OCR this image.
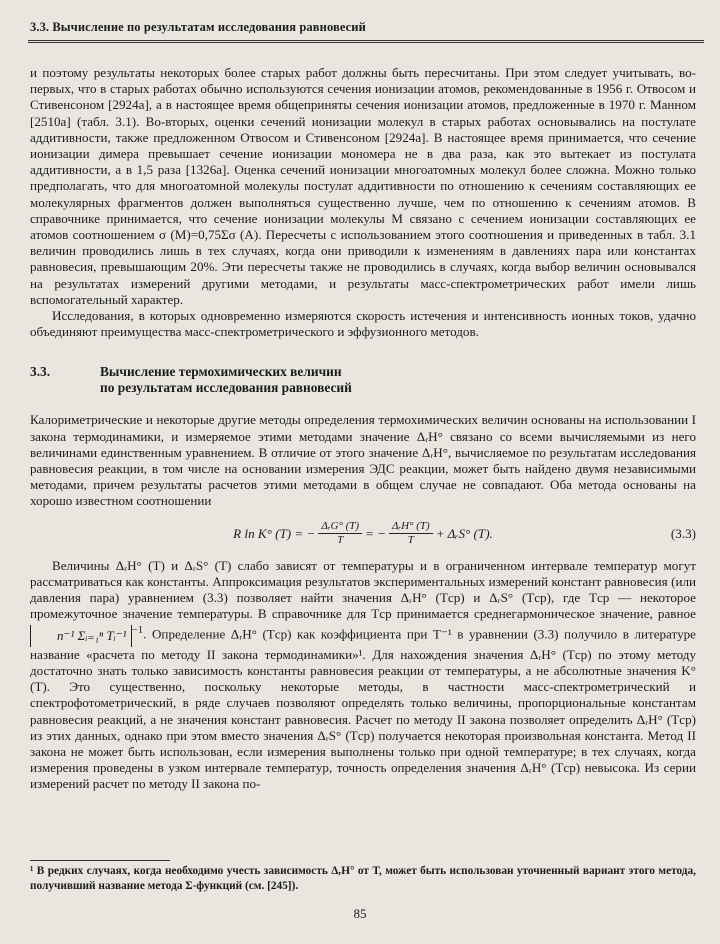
3.3. Вычисление по результатам исследования равновесий

и поэтому результаты некоторых более старых работ должны быть пересчитаны. При этом следует учитывать, во-первых, что в старых работах обычно используются сечения ионизации атомов, рекомендованные в 1956 г. Отвосом и Стивенсоном [2924а], а в настоящее время общеприняты сечения ионизации атомов, предложенные в 1970 г. Манном [2510а] (табл. 3.1). Во-вторых, оценки сечений ионизации молекул в старых работах основывались на постулате аддитивности, также предложенном Отвосом и Стивенсоном [2924а]. В настоящее время принимается, что сечение ионизации димера превышает сечение ионизации мономера не в два раза, как это вытекает из постулата аддитивности, а в 1,5 раза [1326а]. Оценка сечений ионизации многоатомных молекул более сложна. Можно только предполагать, что для многоатомной молекулы постулат аддитивности по отношению к сечениям составляющих ее молекулярных фрагментов должен выполняться существенно лучше, чем по отношению к сечениям атомов. В справочнике принимается, что сечение ионизации молекулы М связано с сечением ионизации составляющих ее атомов соотношением σ (М)=0,75Σσ (А). Пересчеты с использованием этого соотношения и приведенных в табл. 3.1 величин проводились лишь в тех случаях, когда они приводили к изменениям в давлениях пара или константах равновесия, превышающим 20%. Эти пересчеты также не проводились в случаях, когда выбор величин основывался на результатах измерений другими методами, и результаты масс-спектрометрических работ имели лишь вспомогательный характер.

Исследования, в которых одновременно измеряются скорость истечения и интенсивность ионных токов, удачно объединяют преимущества масс-спектрометрического и эффузионного методов.

3.3.	Вычисление термохимических величин
по результатам исследования равновесий

Калориметрические и некоторые другие методы определения термохимических величин основаны на использовании I закона термодинамики, и измеряемое этими методами значение ΔᵣH° связано со всеми вычисляемыми из него величинами единственным уравнением. В отличие от этого значение ΔᵣH°, вычисляемое по результатам исследования равновесия реакции, в том числе на основании измерения ЭДС реакции, может быть найдено двумя независимыми методами, причем результаты расчетов этими методами в общем случае не совпадают. Оба метода основаны на хорошо известном соотношении

R ln K° (T) = − $\frac{\text{ΔᵣG° (T)}}{T}$ = − $\frac{\text{ΔᵣH° (T)}}{T}$ + ΔᵣS° (T).	(3.3)

Величины ΔᵣH° (T) и ΔᵣS° (T) слабо зависят от температуры и в ограниченном интервале температур могут рассматриваться как константы. Аппроксимация результатов экспериментальных измерений констант равновесия (или давления пара) уравнением (3.3) позволяет найти значения ΔᵣH° (Tср) и ΔᵣS° (Tср), где Tср — некоторое промежуточное значение температуры. В справочнике для Tср принимается среднегармоническое значение, равное n⁻¹ Σᵢ₌₁ⁿ Tᵢ⁻¹ $^{-1}$. Определение ΔᵣH° (Tср) как коэффициента при T⁻¹ в уравнении (3.3) получило в литературе название «расчета по методу II закона термодинамики»¹. Для нахождения значения ΔᵣH° (Tср) по этому методу достаточно знать только зависимость константы равновесия реакции от температуры, а не абсолютные значения K° (T). Это существенно, поскольку некоторые методы, в частности масс-спектрометрический и спектрофотометрический, в ряде случаев позволяют определять только величины, пропорциональные константам равновесия реакций, а не значения констант равновесия. Расчет по методу II закона позволяет определить ΔᵣH° (Tср) из этих данных, однако при этом вместо значения ΔᵣS° (Tср) получается некоторая произвольная константа. Метод II закона не может быть использован, если измерения выполнены только при одной температуре; в тех случаях, когда измерения проведены в узком интервале температур, точность определения значения ΔᵣH° (Tср) невысока. Из серии измерений расчет по методу II закона по-

¹ В редких случаях, когда необходимо учесть зависимость ΔᵣH° от T, может быть использован уточненный вариант этого метода, получивший название метода Σ-функций (см. [245]).
85
